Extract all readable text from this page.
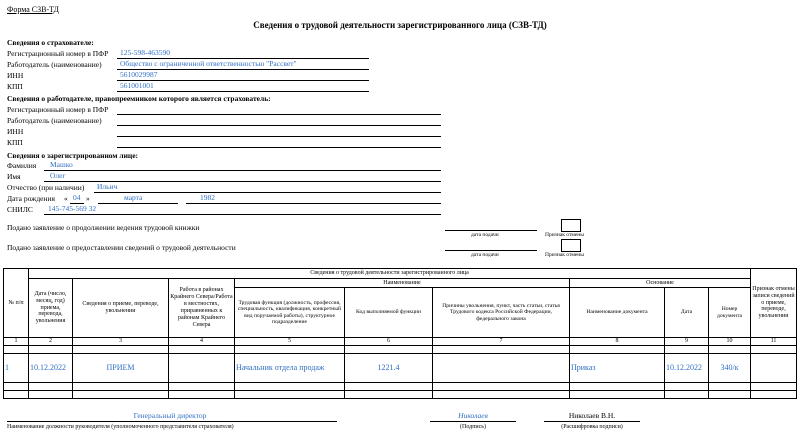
Форма СЗВ-ТД
Сведения о трудовой деятельности зарегистрированного лица (СЗВ-ТД)
Сведения о страхователе:
Регистрационный номер в ПФР 125-598-463590
Работодатель (наименование) Общество с ограниченной ответственностью "Рассвет"
ИНН	5610029987
КПП	561001001
Сведения о работодателе, правопреемником которого является страхователь:
Регистрационный номер в ПФР
Работодатель (наименование)
ИНН
КПП
Сведения о зарегистрированном лице:
Фамилия Машко
Имя	Олег
Отчество (при наличии) Ильич
Дата рождения « 04 »	марта	1982
СНИЛС 145-745-569 32
Подано заявление о продолжении ведения трудовой книжки
дата подачи	Признак отмены
Подано заявление о предоставлении сведений о трудовой деятельности
дата подачи	Признак отмены
№ п/п	Сведения о трудовой деятельности зарегистрированного лица									Признак отмены записи сведений о приеме, переводе, увольнении
	Дата (число, месяц, год) приема, перевода, увольнения	Сведения о приеме, переводе, увольнении	Работа в районах Крайнего Севера/Работа в местностях, приравненных к районам Крайнего Севера	Наименование			Основание			
				Трудовая функция (должность, профессия, специальность, квалификация, конкретный вид поручаемой работы), структурное подразделение	Код выполняемой функции	Причины увольнения, пункт, часть статьи, статья Трудового кодекса Российской Федерации, федерального закона	Наименование документа	Дата	Номер документа	
1	2	3	4	5	6	7	8	9	10	11

1	10.12.2022	ПРИЕМ		Начальник отдела продаж	1221.4		Приказ	10.12.2022	340/к	

Генеральный директор
Наименование должности руководителя (уполномоченного представителя страхователя)
Николаев
(Подпись)
Николаев В.Н.
(Расшифровка подписи)
